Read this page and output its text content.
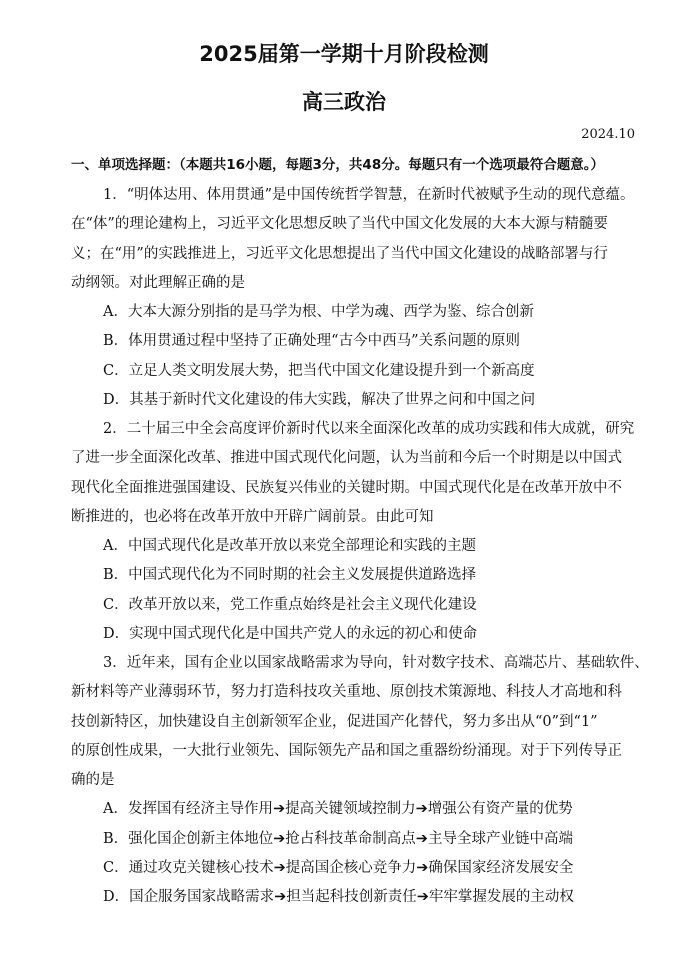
2025届第一学期十月阶段检测
高三政治
2024.10
一、单项选择题：（本题共16小题，每题3分，共48分。每题只有一个选项最符合题意。）
1．“明体达用、体用贯通”是中国传统哲学智慧，在新时代被赋予生动的现代意蕴。
在“体”的理论建构上，习近平文化思想反映了当代中国文化发展的大本大源与精髓要
义；在“用”的实践推进上，习近平文化思想提出了当代中国文化建设的战略部署与行
动纲领。对此理解正确的是
A．大本大源分别指的是马学为根、中学为魂、西学为鉴、综合创新
B．体用贯通过程中坚持了正确处理“古今中西马”关系问题的原则
C．立足人类文明发展大势，把当代中国文化建设提升到一个新高度
D．其基于新时代文化建设的伟大实践，解决了世界之问和中国之问
2．二十届三中全会高度评价新时代以来全面深化改革的成功实践和伟大成就，研究
了进一步全面深化改革、推进中国式现代化问题，认为当前和今后一个时期是以中国式
现代化全面推进强国建设、民族复兴伟业的关键时期。中国式现代化是在改革开放中不
断推进的，也必将在改革开放中开辟广阔前景。由此可知
A．中国式现代化是改革开放以来党全部理论和实践的主题
B．中国式现代化为不同时期的社会主义发展提供道路选择
C．改革开放以来，党工作重点始终是社会主义现代化建设
D．实现中国式现代化是中国共产党人的永远的初心和使命
3．近年来，国有企业以国家战略需求为导向，针对数字技术、高端芯片、基础软件、
新材料等产业薄弱环节，努力打造科技攻关重地、原创技术策源地、科技人才高地和科
技创新特区，加快建设自主创新领军企业，促进国产化替代，努力多出从“0”到“1”
的原创性成果，一大批行业领先、国际领先产品和国之重器纷纷涌现。对于下列传导正
确的是
A．发挥国有经济主导作用➔提高关键领域控制力➔增强公有资产量的优势
B．强化国企创新主体地位➔抢占科技革命制高点➔主导全球产业链中高端
C．通过攻克关键核心技术➔提高国企核心竞争力➔确保国家经济发展安全
D．国企服务国家战略需求➔担当起科技创新责任➔牢牢掌握发展的主动权
